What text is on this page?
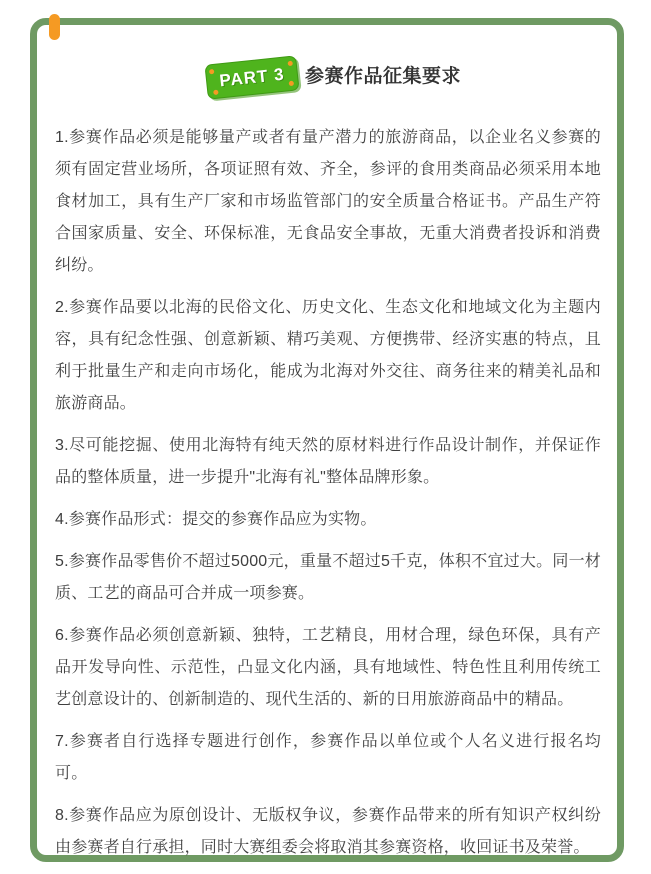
PART 3 参赛作品征集要求

1.参赛作品必须是能够量产或者有量产潜力的旅游商品，以企业名义参赛的须有固定营业场所，各项证照有效、齐全，参评的食用类商品必须采用本地食材加工，具有生产厂家和市场监管部门的安全质量合格证书。产品生产符合国家质量、安全、环保标准，无食品安全事故，无重大消费者投诉和消费纠纷。

2.参赛作品要以北海的民俗文化、历史文化、生态文化和地域文化为主题内容，具有纪念性强、创意新颖、精巧美观、方便携带、经济实惠的特点，且利于批量生产和走向市场化，能成为北海对外交往、商务往来的精美礼品和旅游商品。

3.尽可能挖掘、使用北海特有纯天然的原材料进行作品设计制作，并保证作品的整体质量，进一步提升"北海有礼"整体品牌形象。

4.参赛作品形式：提交的参赛作品应为实物。

5.参赛作品零售价不超过5000元，重量不超过5千克，体积不宜过大。同一材质、工艺的商品可合并成一项参赛。

6.参赛作品必须创意新颖、独特，工艺精良，用材合理，绿色环保，具有产品开发导向性、示范性，凸显文化内涵，具有地域性、特色性且利用传统工艺创意设计的、创新制造的、现代生活的、新的日用旅游商品中的精品。

7.参赛者自行选择专题进行创作，参赛作品以单位或个人名义进行报名均可。

8.参赛作品应为原创设计、无版权争议，参赛作品带来的所有知识产权纠纷由参赛者自行承担，同时大赛组委会将取消其参赛资格，收回证书及荣誉。
